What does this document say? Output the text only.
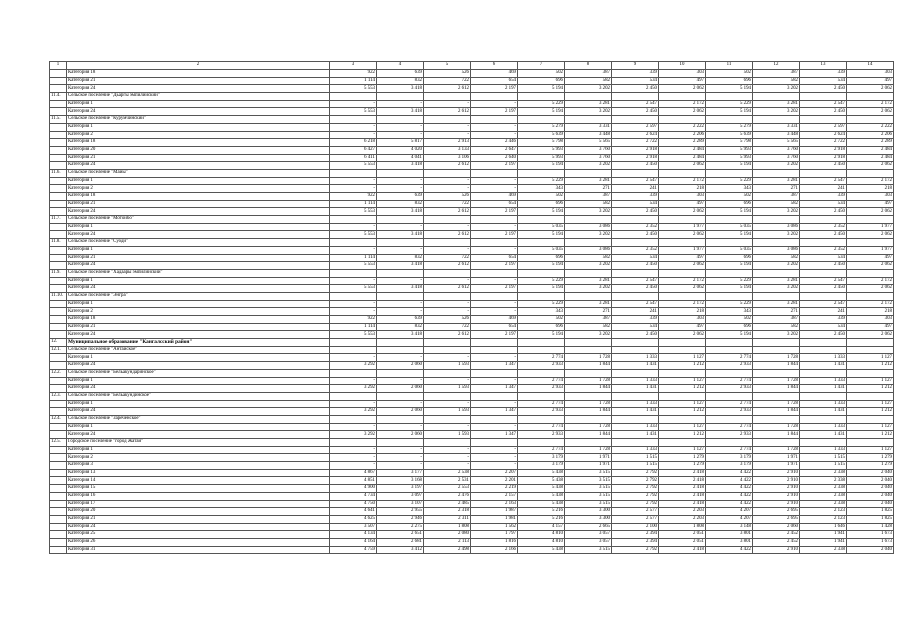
1	2	3	4	5	6	7	8	9	10	11	12	13	14
	Категория 18	922	639	526	469	502	387	339	303	502	387	339	303
	Категория 21	1 114	832	722	654	696	582	534	497	696	582	534	497
	Категория 24	5 553	3 418	2 612	2 197	5 194	3 202	2 450	2 062	5 194	3 202	2 450	2 062
11.4.	Сельское поселение "Дьаргы эмпилийский"												
	Категория 1	-	-	-	-	5 229	3 281	2 547	2 172	5 229	3 281	2 547	2 172
	Категория 24	5 553	3 418	2 612	2 197	5 194	3 202	2 450	2 062	5 194	3 202	2 450	2 062
11.5.	Сельское поселение "Курумчинский"												
	Категория 1	-	-	-	-	5 279	3 331	2 597	2 222	5 279	3 331	2 597	2 222
	Категория 2	-	-	-	-	5 639	3 448	2 624	2 206	5 639	3 448	2 624	2 206
	Категория 18	6 218	5 817	2 913	2 446	5 798	5 565	2 722	2 289	5 798	5 565	2 722	2 289
	Категория 20	6 427	4 020	3 133	2 647	5 993	3 760	2 918	2 484	5 993	3 760	2 918	2 484
	Категория 21	6 411	4 041	3 106	2 640	5 993	3 760	2 918	2 484	5 993	3 760	2 918	2 484
	Категория 24	5 553	3 418	2 612	2 197	5 194	3 202	2 450	2 062	5 194	3 202	2 450	2 062
11.6.	Сельское поселение "Майы"												
	Категория 1	-	-	-	-	5 229	3 281	2 547	2 172	5 229	3 281	2 547	2 172
	Категория 2	-	-	-	-	343	271	241	218	343	271	241	218
	Категория 18	922	639	526	469	502	387	339	303	502	387	339	303
	Категория 21	1 114	832	722	654	696	582	534	497	696	582	534	497
	Категория 24	5 553	3 418	2 612	2 197	5 194	3 202	2 450	2 062	5 194	3 202	2 450	2 062
11.7.	Сельское поселение "Мотойбо"												
	Категория 1	-	-	-	-	5 035	3 086	2 352	1 977	5 035	3 086	2 352	1 977
	Категория 24	5 553	3 418	2 612	2 197	5 194	3 202	2 450	2 062	5 194	3 202	2 450	2 062
11.8.	Сельское поселение "Суоди"												
	Категория 1	-	-	-	-	5 035	3 086	2 352	1 977	5 035	3 086	2 352	1 977
	Категория 21	1 114	832	722	654	696	582	534	497	696	582	534	497
	Категория 24	5 553	3 418	2 612	2 197	5 194	3 202	2 450	2 062	5 194	3 202	2 450	2 062
11.9.	Сельское поселение "Хадаары эмпилийский"												
	Категория 1	-	-	-	-	5 229	3 281	2 547	2 172	5 229	3 281	2 547	2 172
	Категория 24	5 553	3 418	2 612	2 197	5 194	3 202	2 450	2 062	5 194	3 202	2 450	2 062
11.10.	Сельское поселение "Энгра"												
	Категория 1	-	-	-	-	5 229	3 281	2 547	2 172	5 229	3 281	2 547	2 172
	Категория 2	-	-	-	-	343	271	241	218	343	271	241	218
	Категория 18	922	639	526	469	502	387	339	303	502	387	339	303
	Категория 21	1 114	832	722	654	696	582	534	497	696	582	534	497
	Категория 24	5 553	3 418	2 612	2 197	5 194	3 202	2 450	2 062	5 194	3 202	2 450	2 062
12.	Муниципальное образование "Кангалсский район"												
12.1.	Сельское поселение "Антайское"												
	Категория 1	-	-	-	-	2 774	1 728	1 333	1 127	2 774	1 728	1 333	1 127
	Категория 24	3 292	2 060	1 593	1 347	2 933	1 844	1 431	1 212	2 933	1 844	1 431	1 212
12.2.	Сельское поселение "Бельакундаринское"												
	Категория 1	-	-	-	-	2 774	1 728	1 333	1 127	2 774	1 728	1 333	1 127
	Категория 24	3 292	2 060	1 593	1 347	2 933	1 844	1 431	1 212	2 933	1 844	1 431	1 212
12.3.	Сельское поселение "Бельакундинское"												
	Категория 1	-	-	-	-	2 774	1 728	1 333	1 127	2 774	1 728	1 333	1 127
	Категория 24	3 292	2 060	1 593	1 347	2 933	1 844	1 431	1 212	2 933	1 844	1 431	1 212
12.4.	Сельское поселение "Зареченское"												
	Категория 1	-	-	-	-	2 774	1 728	1 333	1 127	2 774	1 728	1 333	1 127
	Категория 24	3 292	2 060	1 593	1 347	2 933	1 844	1 431	1 212	2 933	1 844	1 431	1 212
12.5.	Городское поселение "город Жатай"												
	Категория 1	-	-	-	-	2 774	1 728	1 333	1 127	2 774	1 728	1 333	1 127
	Категория 2	-	-	-	-	3 179	1 971	1 515	1 279	3 179	1 971	1 515	1 279
	Категория 3	-	-	-	-	3 179	1 971	1 515	1 279	3 179	1 971	1 515	1 279
	Категория 13	4 867	3 177	2 538	2 207	5 438	3 515	2 792	2 418	4 422	2 910	2 338	2 040
	Категория 14	4 851	3 168	2 531	2 201	5 438	3 515	2 792	2 418	4 422	2 910	2 338	2 040
	Категория 15	4 900	3 197	2 553	2 219	5 438	3 515	2 792	2 418	4 422	2 910	2 338	2 040
	Категория 16	4 734	3 097	2 476	2 157	5 438	3 515	2 792	2 418	4 422	2 910	2 338	2 040
	Категория 17	4 750	3 107	2 485	2 163	5 438	3 515	2 792	2 418	4 422	2 910	2 338	2 040
	Категория 20	4 641	2 955	2 318	1 987	5 216	3 300	2 577	2 203	4 207	2 695	2 123	1 825
	Категория 21	4 625	2 946	2 311	1 981	5 216	3 300	2 577	2 203	4 207	2 695	2 123	1 825
	Категория 24	3 507	2 275	1 808	1 562	4 157	2 665	2 100	1 808	3 148	2 060	1 646	1 428
	Категория 25	4 134	2 651	2 080	1 797	4 810	3 057	2 394	2 051	3 801	2 452	1 941	1 673
	Категория 26	4 164	2 681	2 113	1 816	4 810	3 057	2 394	2 051	3 801	2 452	1 941	1 673
	Категория 31	4 759	3 412	2 498	2 166	5 438	3 515	2 792	2 418	4 422	2 910	2 338	2 040
